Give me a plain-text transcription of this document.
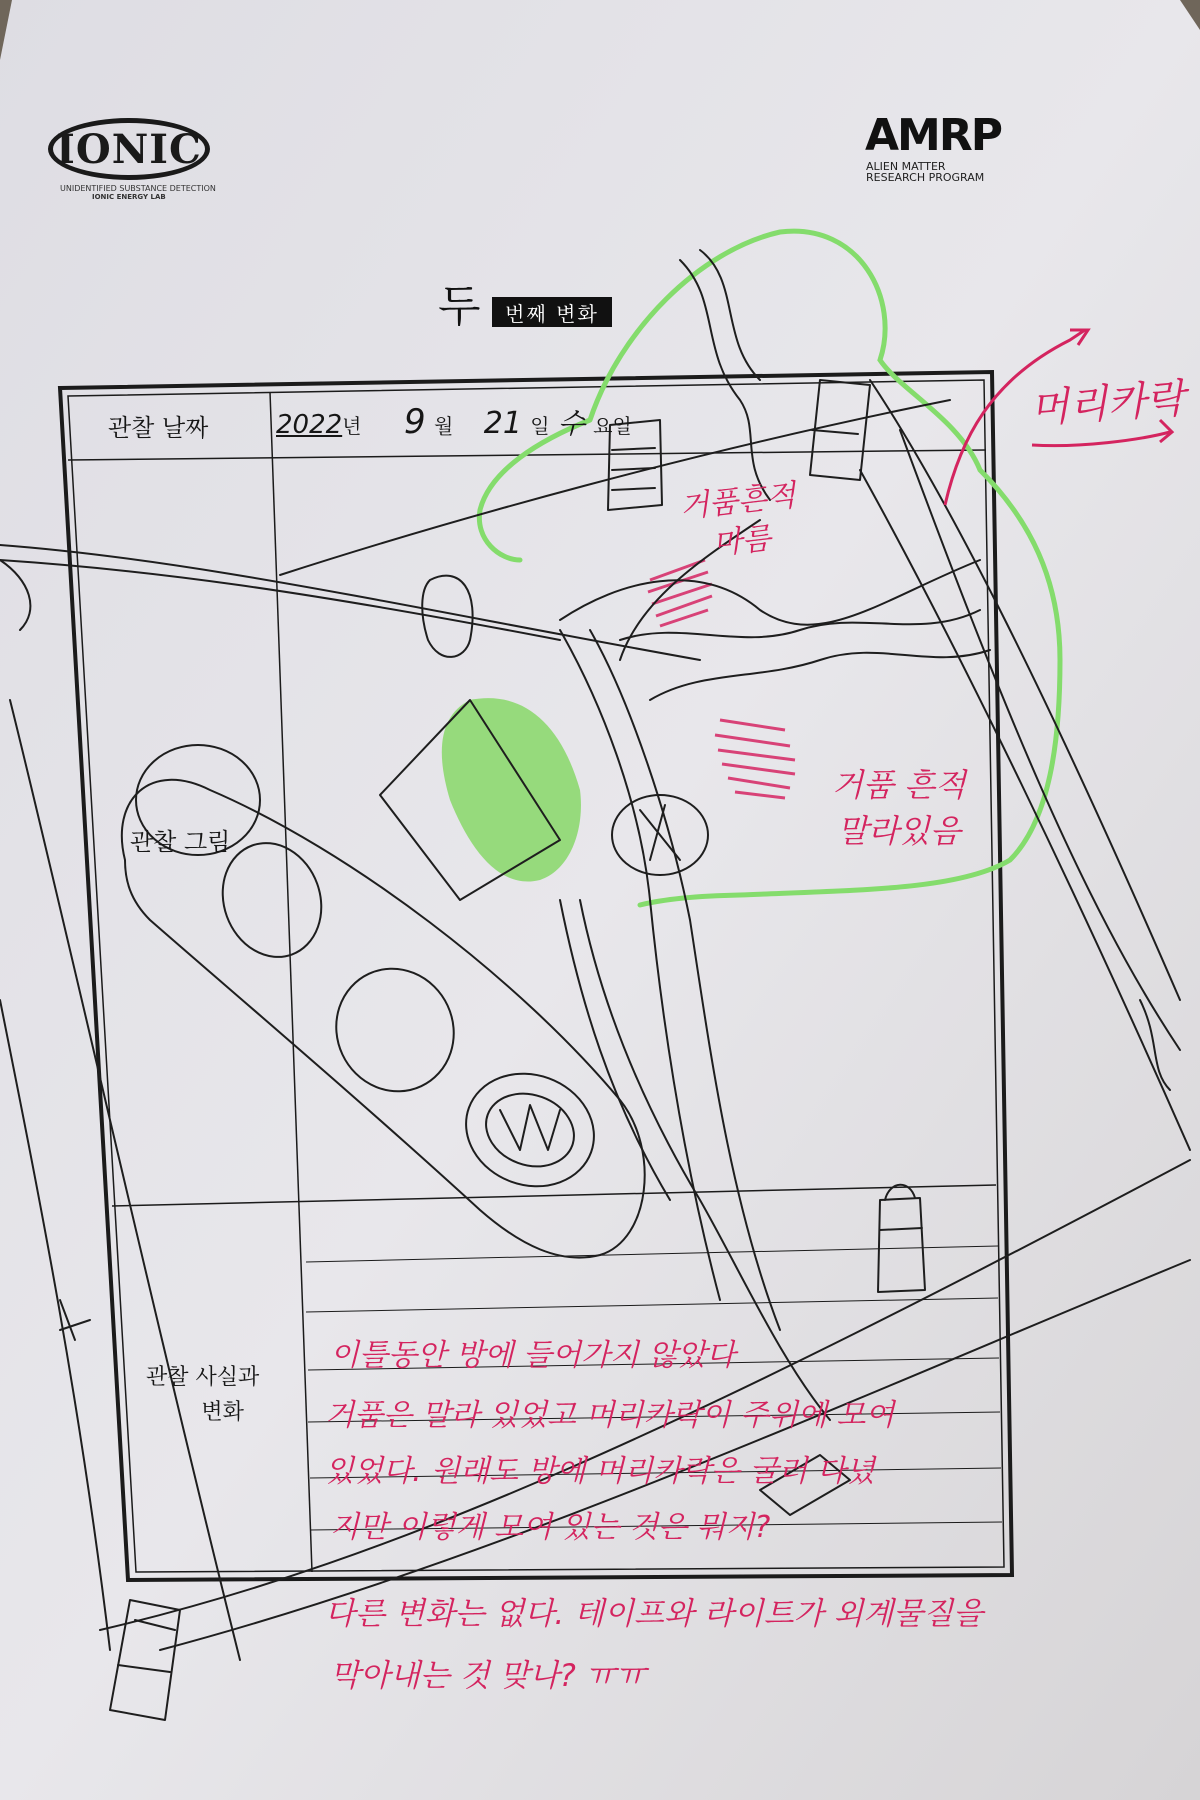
IONIC
UNIDENTIFIED SUBSTANCE DETECTION
IONIC ENERGY LAB
AMRP
ALIEN MATTER
RESEARCH PROGRAM
두	번째 변화
관찰 날짜
관찰 그림
관찰 사실과
변화
2022년 9 월 21 일 수 요일	머리카락
거품흔적
마름
거품 흔적
말라있음
이틀동안 방에 들어가지 않았다
거품은 말라 있었고 머리카락이 주위에 모여
있었다. 원래도 방에 머리카락은 굴러 다녔
지만 이렇게 모여 있는 것은 뭐지?
다른 변화는 없다. 테이프와 라이트가 외계물질을
막아내는 것 맞나? ㅠㅠ
